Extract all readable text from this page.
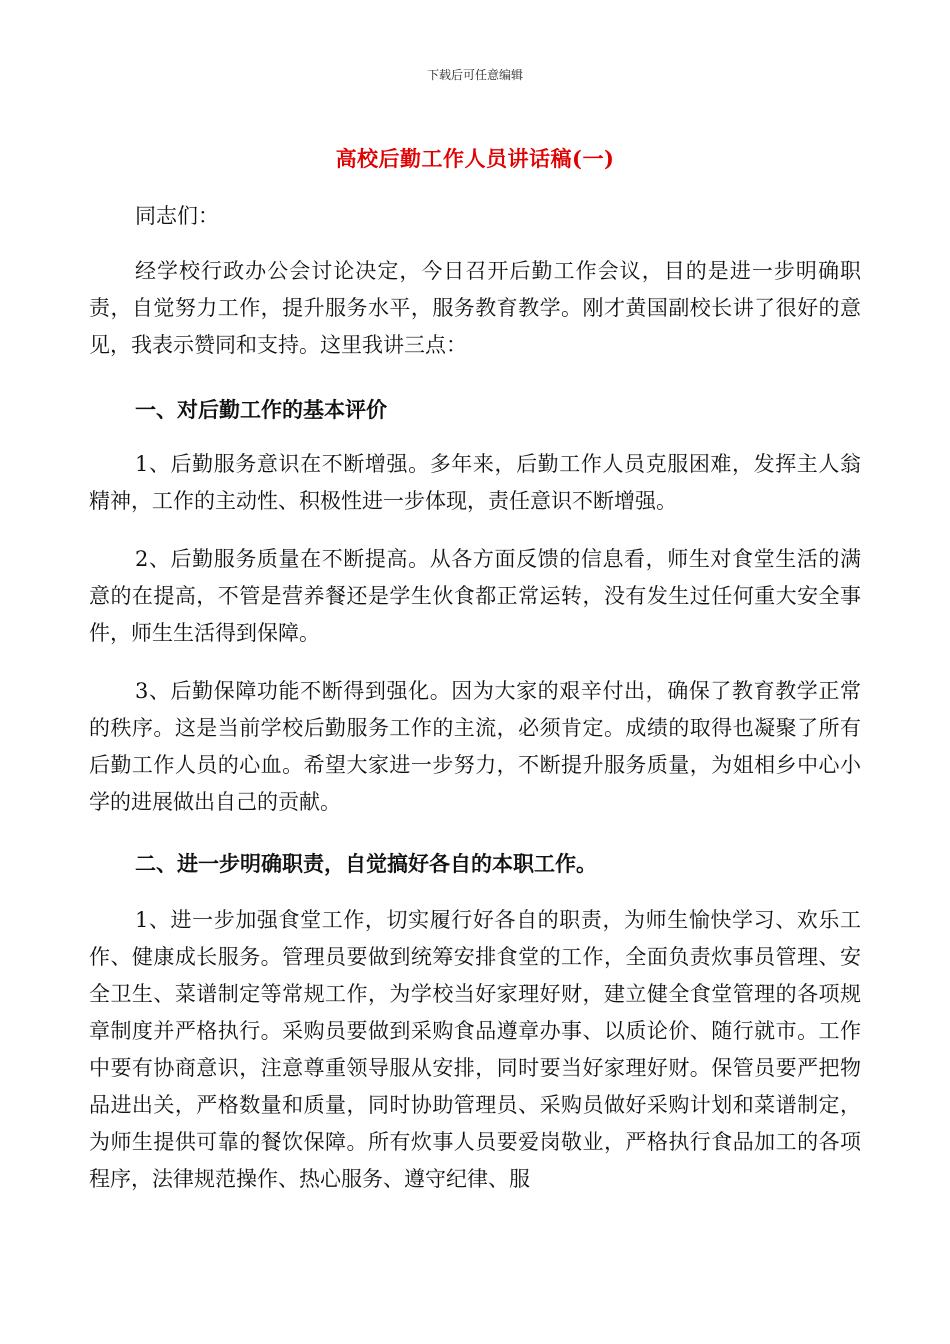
下载后可任意编辑
高校后勤工作人员讲话稿(一)

同志们：

经学校行政办公会讨论决定，今日召开后勤工作会议，目的是进一步明确职责，自觉努力工作，提升服务水平，服务教育教学。刚才黄国副校长讲了很好的意见，我表示赞同和支持。这里我讲三点：

一、对后勤工作的基本评价

1、后勤服务意识在不断增强。多年来，后勤工作人员克服困难，发挥主人翁精神，工作的主动性、积极性进一步体现，责任意识不断增强。

2、后勤服务质量在不断提高。从各方面反馈的信息看，师生对食堂生活的满意的在提高，不管是营养餐还是学生伙食都正常运转，没有发生过任何重大安全事件，师生生活得到保障。

3、后勤保障功能不断得到强化。因为大家的艰辛付出，确保了教育教学正常的秩序。这是当前学校后勤服务工作的主流，必须肯定。成绩的取得也凝聚了所有后勤工作人员的心血。希望大家进一步努力，不断提升服务质量，为姐相乡中心小学的进展做出自己的贡献。

二、进一步明确职责，自觉搞好各自的本职工作。

1、进一步加强食堂工作，切实履行好各自的职责，为师生愉快学习、欢乐工作、健康成长服务。管理员要做到统筹安排食堂的工作，全面负责炊事员管理、安全卫生、菜谱制定等常规工作，为学校当好家理好财，建立健全食堂管理的各项规章制度并严格执行。采购员要做到采购食品遵章办事、以质论价、随行就市。工作中要有协商意识，注意尊重领导服从安排，同时要当好家理好财。保管员要严把物品进出关，严格数量和质量，同时协助管理员、采购员做好采购计划和菜谱制定，为师生提供可靠的餐饮保障。所有炊事人员要爱岗敬业，严格执行食品加工的各项程序，法律规范操作、热心服务、遵守纪律、服
